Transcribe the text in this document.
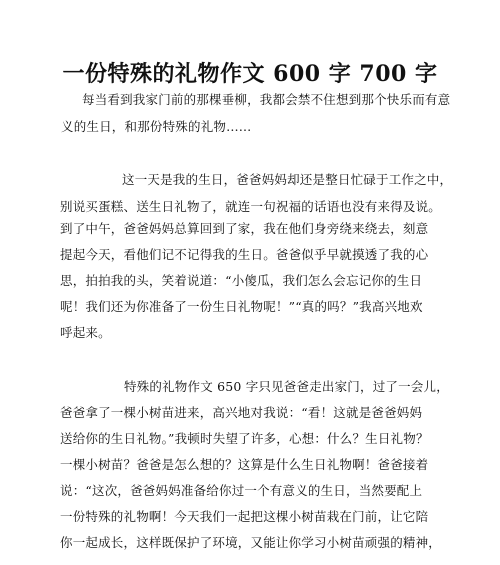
一份特殊的礼物作文 600 字 700 字
每当看到我家门前的那棵垂柳，我都会禁不住想到那个快乐而有意
义的生日，和那份特殊的礼物……
这一天是我的生日，爸爸妈妈却还是整日忙碌于工作之中，
别说买蛋糕、送生日礼物了，就连一句祝福的话语也没有来得及说。
到了中午，爸爸妈妈总算回到了家，我在他们身旁绕来绕去，刻意
提起今天，看他们记不记得我的生日。爸爸似乎早就摸透了我的心
思，拍拍我的头，笑着说道：“小傻瓜，我们怎么会忘记你的生日
呢！我们还为你准备了一份生日礼物呢！”“真的吗？”我高兴地欢
呼起来。
特殊的礼物作文 650 字只见爸爸走出家门，过了一会儿，
爸爸拿了一棵小树苗进来，高兴地对我说：“看！这就是爸爸妈妈
送给你的生日礼物。”我顿时失望了许多，心想：什么？生日礼物？
一棵小树苗？爸爸是怎么想的？这算是什么生日礼物啊！爸爸接着
说：“这次，爸爸妈妈准备给你过一个有意义的生日，当然要配上
一份特殊的礼物啊！今天我们一起把这棵小树苗栽在门前，让它陪
你一起成长，这样既保护了环境，又能让你学习小树苗顽强的精神，
